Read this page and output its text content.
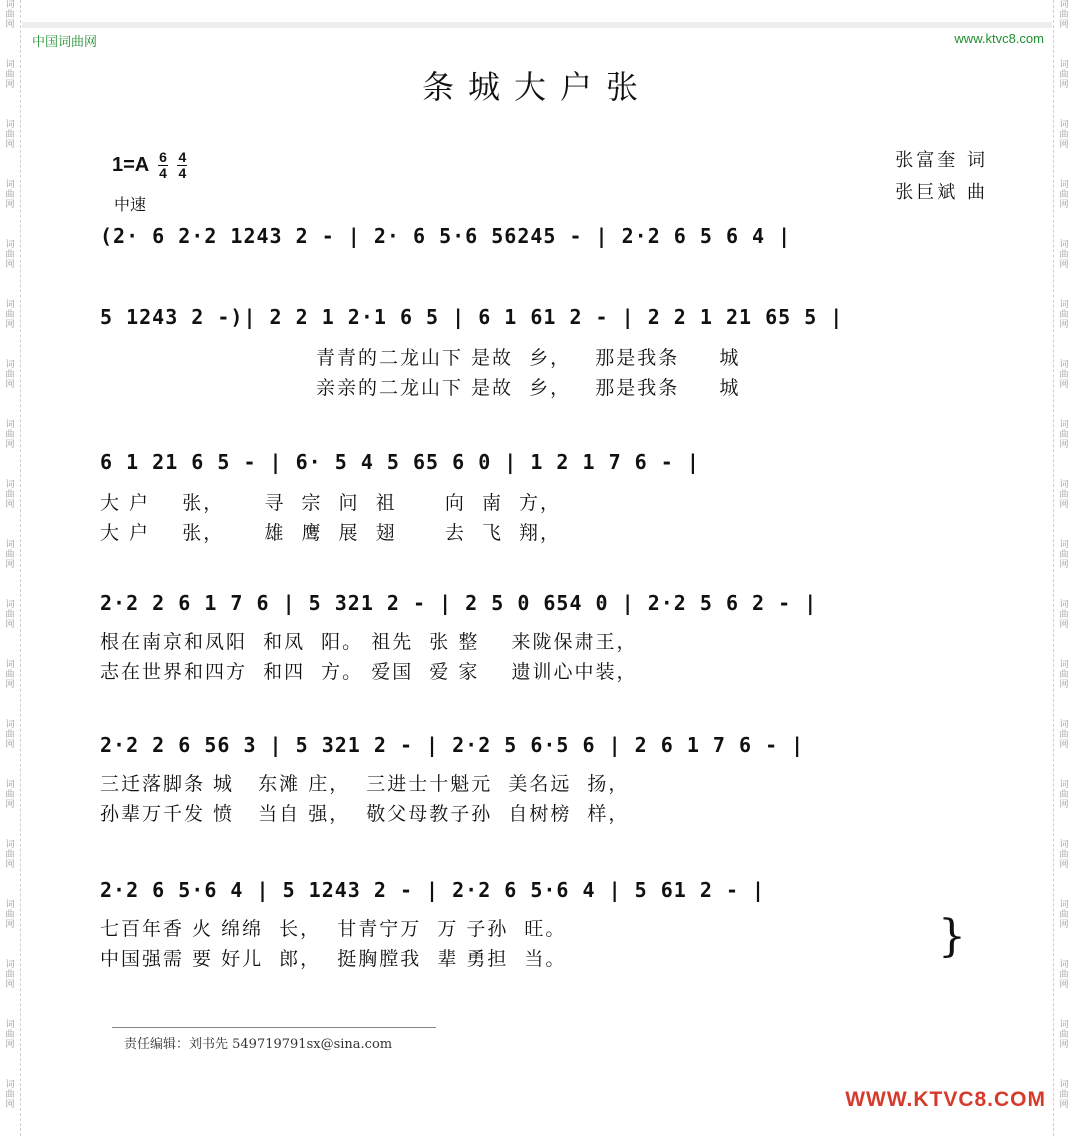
词
曲
网
词
曲
网
词
曲
网
词
曲
网
词
曲
网
词
曲
网
词
曲
网
词
曲
网
词
曲
网
词
曲
网
词
曲
网
词
曲
网
词
曲
网
词
曲
网
词
曲
网
词
曲
网
词
曲
网
词
曲
网
词
曲
网
词
曲
网
词
曲
网
词
曲
网
词
曲
网
词
曲
网
词
曲
网
词
曲
网
词
曲
网
词
曲
网
词
曲
网
词
曲
网
词
曲
网
词
曲
网
词
曲
网
词
曲
网
词
曲
网
词
曲
网
词
曲
网
词
曲
网
中国词曲网	www.ktvc8.com
条城大户张
$1=A \frac{6}{4}$
$\frac{4}{4}$
中速
张富奎 词
张巨斌 曲
(2· 6 2·2 1243 2 - | 2· 6 5·6 56245 - | 2·2 6 5 6 4 |
5 1243 2 -)| 2 2 1 2·1 6 5 | 6 1 61 2 - | 2 2 1 21 65 5 |
青青的二龙山下 是故  乡，   那是我条     城
亲亲的二龙山下 是故  乡，   那是我条     城
6 1 21 6 5 - | 6· 5 4 5 65 6 0 | 1 2 1 7 6 - |
大 户    张，     寻  宗  问  祖      向  南  方，
大 户    张，     雄  鹰  展  翅      去  飞  翔，
2·2 2 6 1 7 6 | 5 321 2 - | 2 5 0 654 0 | 2·2 5 6 2 - |
根在南京和凤阳  和凤  阳。 祖先  张 整    来陇保肃王，
志在世界和四方  和四  方。 爱国  爱 家    遗训心中装，
2·2 2 6 56 3 | 5 321 2 - | 2·2 5 6·5 6 | 2 6 1 7 6 - |
三迁落脚条 城   东滩 庄，  三进士十魁元  美名远  扬，
孙辈万千发 愤   当自 强，  敬父母教子孙  自树榜  样，
2·2 6 5·6 4 | 5 1243 2 - | 2·2 6 5·6 4 | 5 61 2 - |
七百年香 火 绵绵  长，  甘青宁万  万 子孙  旺。
中国强需 要 好儿  郎，  挺胸膛我  辈 勇担  当。	}
责任编辑：刘书先 549719791sx@sina.com
WWW.KTVC8.COM
